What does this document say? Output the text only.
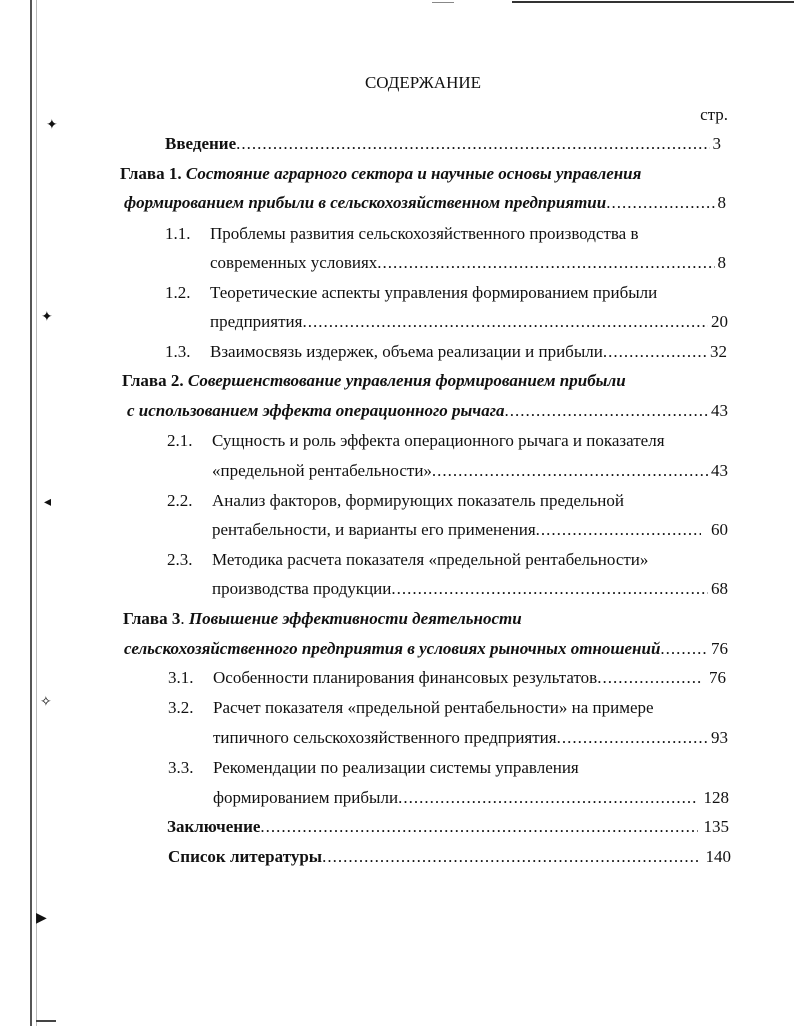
✦
✦
◂
✧
▶
СОДЕРЖАНИЕ
стр.
Введение .....	3
Глава 1.
Состояние аграрного сектора и научные основы управления
формированием прибыли в сельскохозяйственном предприятии .....	8
1.1.	Проблемы развития сельскохозяйственного производства в
современных условиях .....	8
1.2.	Теоретические аспекты управления формированием прибыли
предприятия .....	20
1.3.	Взаимосвязь издержек, объема реализации и прибыли .....	32
Глава 2.
Совершенствование управления формированием прибыли
с использованием эффекта операционного рычага .....	43
2.1.	Сущность и роль эффекта операционного рычага и показателя
«предельной рентабельности» .....	43
2.2.	Анализ факторов, формирующих показатель предельной
рентабельности, и варианты его применения .....	60
2.3.	Методика расчета показателя «предельной рентабельности»
производства продукции .....	68
Глава 3 . Повышение эффективности деятельности
сельскохозяйственного предприятия в условиях рыночных отношений .....	76
3.1.	Особенности планирования финансовых результатов .....	76
3.2.	Расчет показателя «предельной рентабельности» на примере
типичного сельскохозяйственного предприятия .....	93
3.3.	Рекомендации по реализации системы управления
формированием прибыли .....	128
Заключение .....	135
Список литературы .....	140
